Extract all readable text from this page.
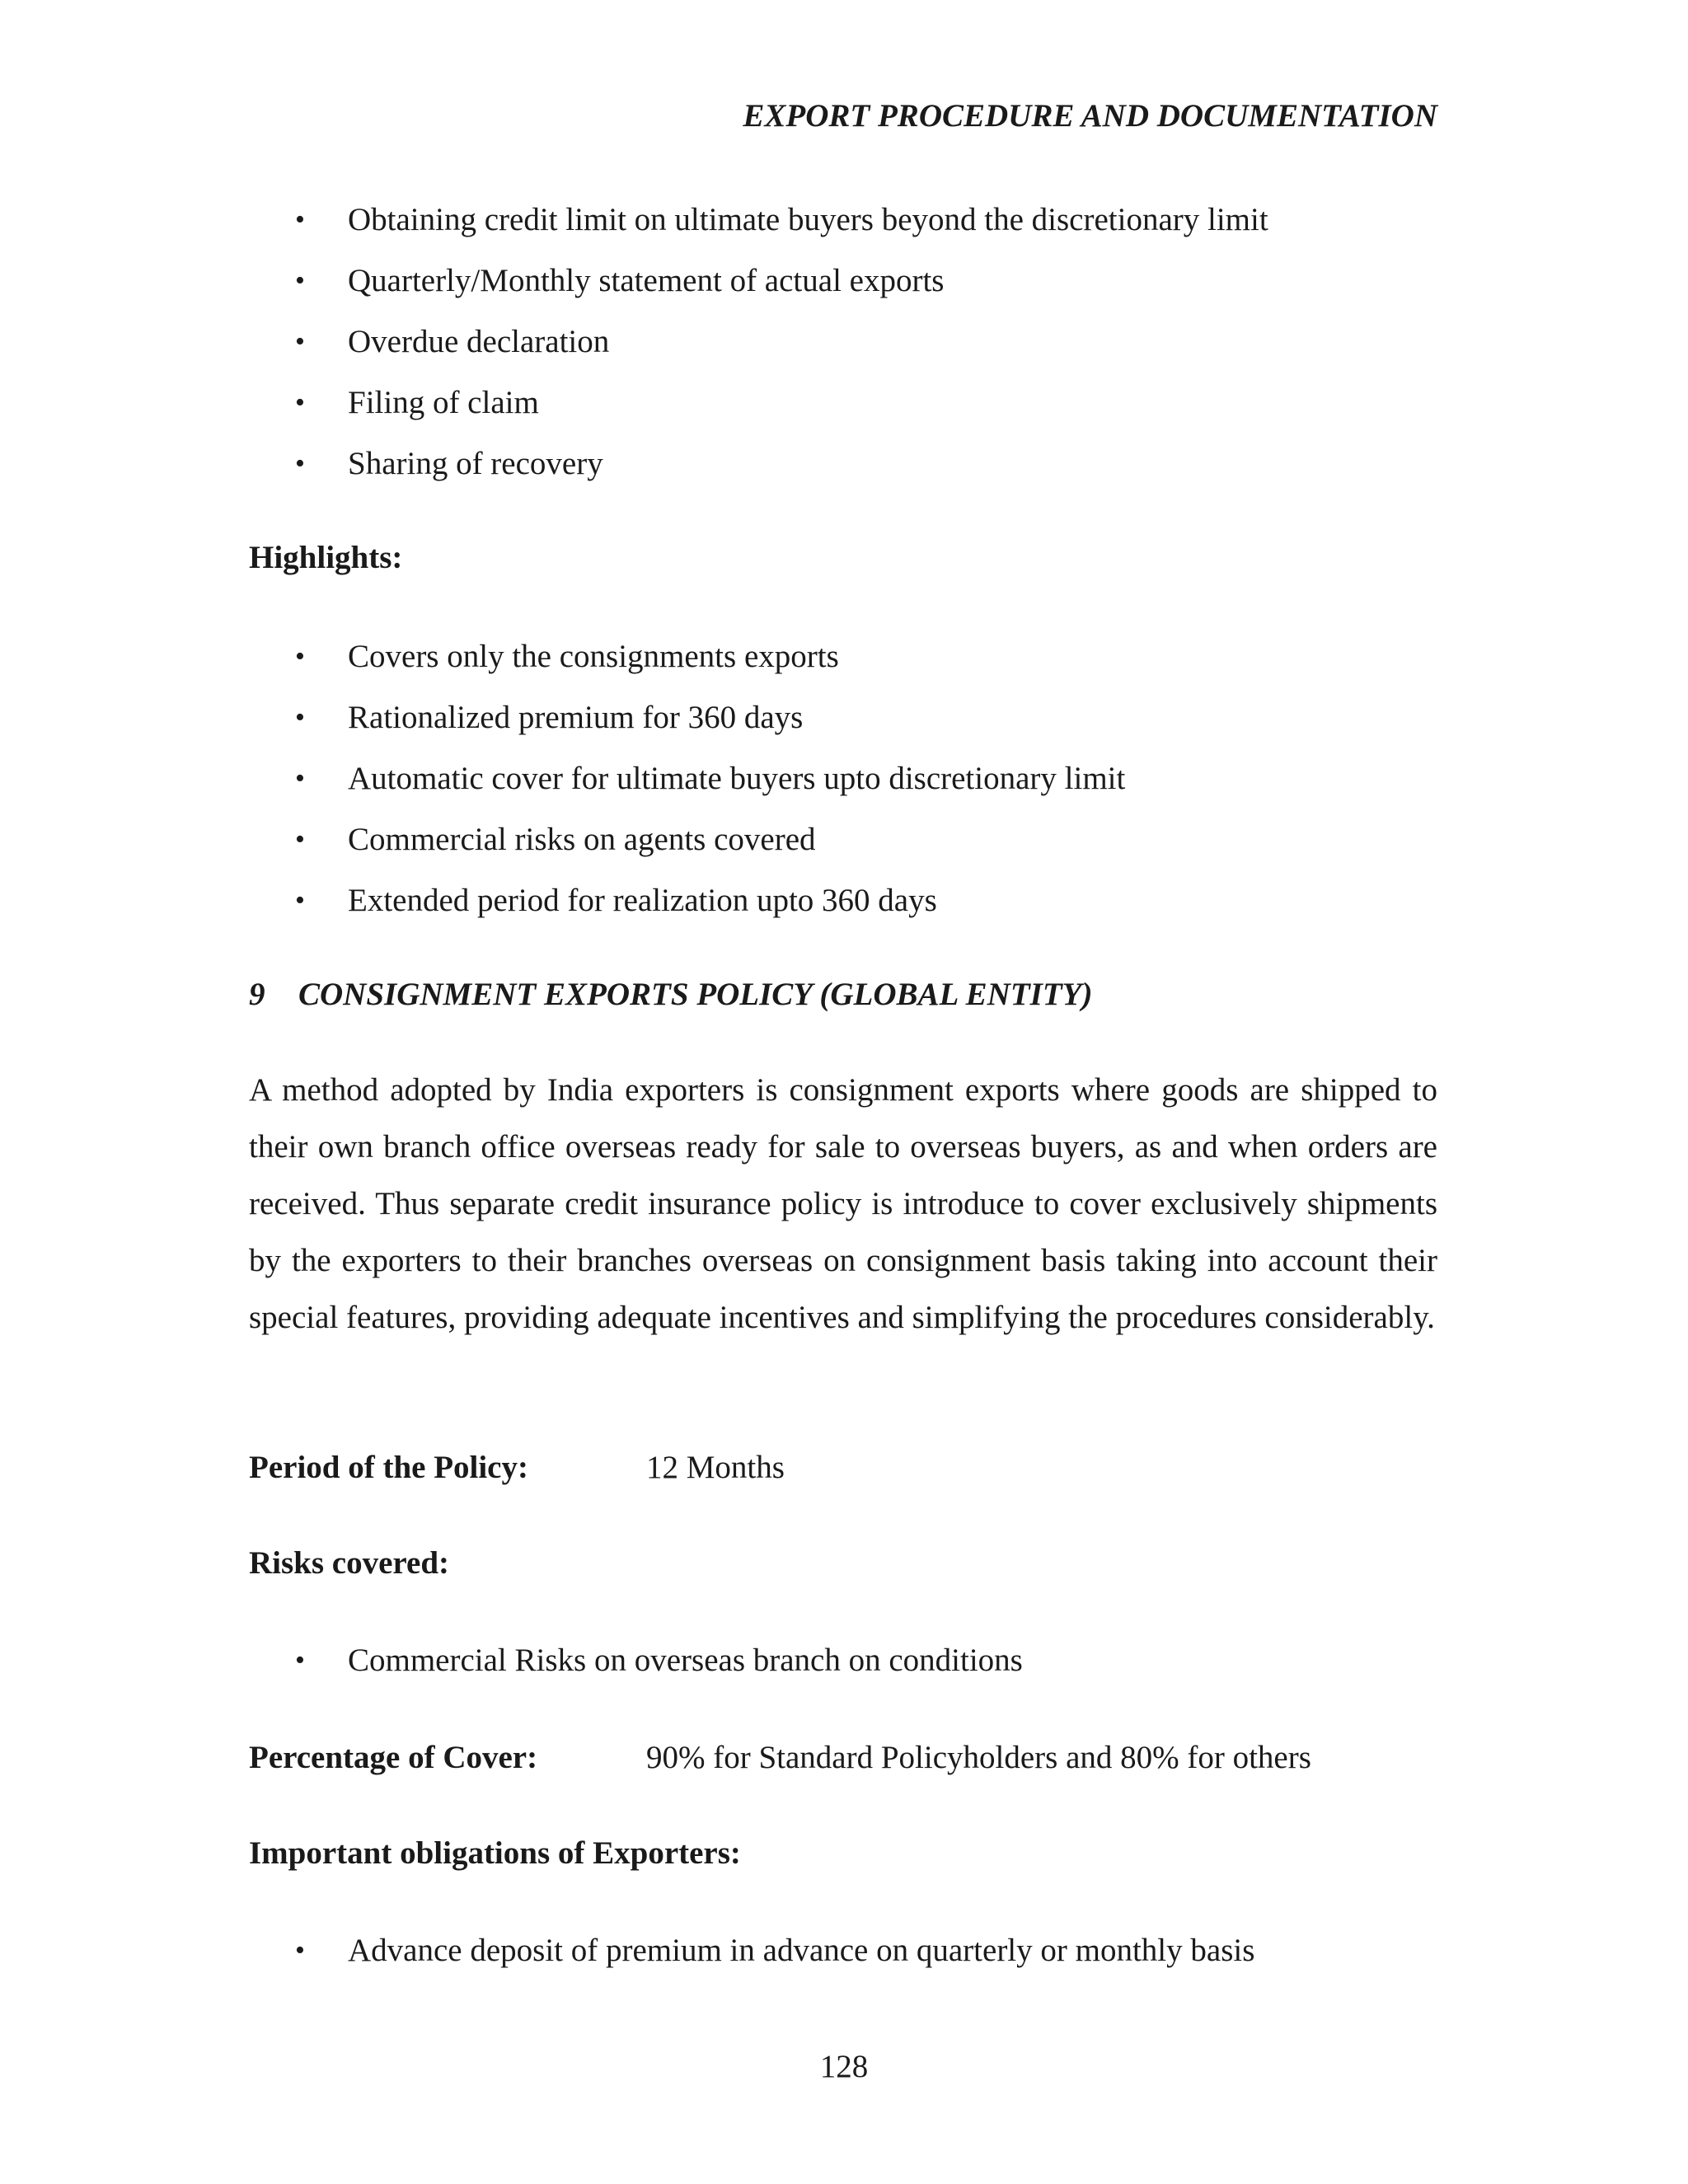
EXPORT PROCEDURE AND DOCUMENTATION
• Obtaining credit limit on ultimate buyers beyond the discretionary limit
• Quarterly/Monthly statement of actual exports
• Overdue declaration
• Filing of claim
• Sharing of recovery
Highlights:
• Covers only the consignments exports
• Rationalized premium for 360 days
• Automatic cover for ultimate buyers upto discretionary limit
• Commercial risks on agents covered
• Extended period for realization upto 360 days
9 CONSIGNMENT EXPORTS POLICY (GLOBAL ENTITY)
A method adopted by India exporters is consignment exports where goods are shipped to their own branch office overseas ready for sale to overseas buyers, as and when orders are received. Thus separate credit insurance policy is introduce to cover exclusively shipments by the exporters to their branches overseas on consignment basis taking into account their special features, providing adequate incentives and simplifying the procedures considerably.
Period of the Policy:	12 Months
Risks covered:
• Commercial Risks on overseas branch on conditions
Percentage of Cover:	90% for Standard Policyholders and 80% for others
Important obligations of Exporters:
• Advance deposit of premium in advance on quarterly or monthly basis
128
